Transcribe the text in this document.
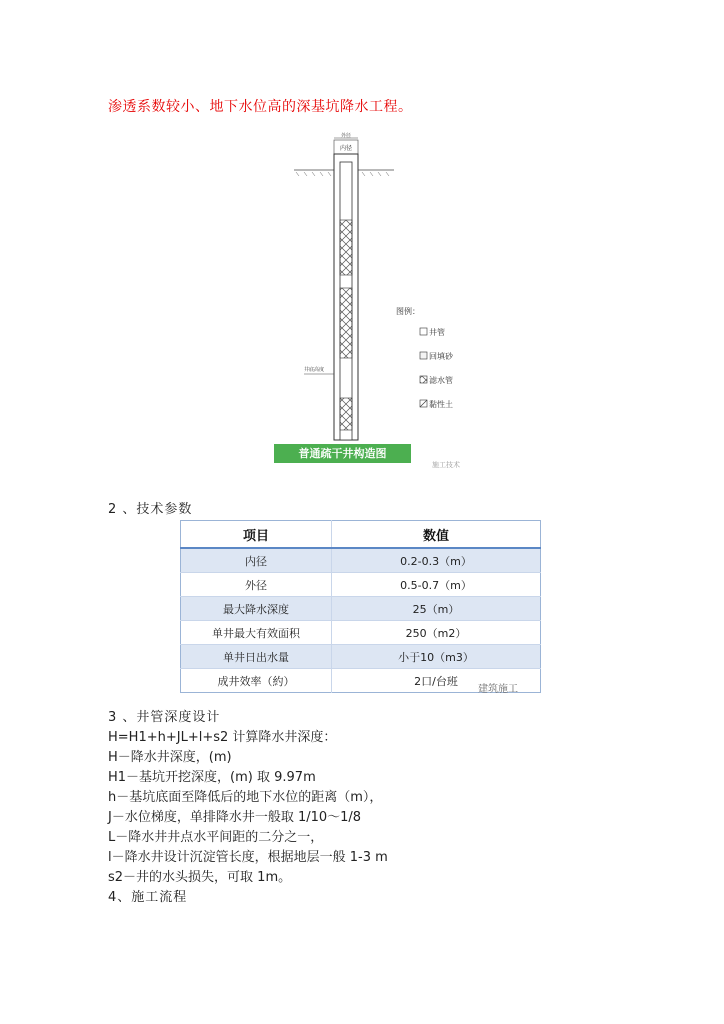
渗透系数较小、地下水位高的深基坑降水工程。
外径
内径
井底高度
图例：
井管
回填砂
滤水管
黏性土
普通疏干井构造图
施工技术
2 、技术参数
项目	数值
内径	0.2-0.3（m）
外径	0.5-0.7（m）
最大降水深度	25（m）
单井最大有效面积	250（m2）
单井日出水量	小于10（m3）
成井效率（約）	2口/台班
建筑施工
3 、井管深度设计
H=H1+h+JL+l+s2 计算降水井深度：
H－降水井深度，(m)
H1－基坑开挖深度，(m) 取 9.97m
h－基坑底面至降低后的地下水位的距离（m），
J－水位梯度，单排降水井一般取 1/10～1/8
L－降水井井点水平间距的二分之一，
l－降水井设计沉淀管长度，根据地层一般 1-3 m
s2－井的水头损失，可取 1m。
4、施工流程
